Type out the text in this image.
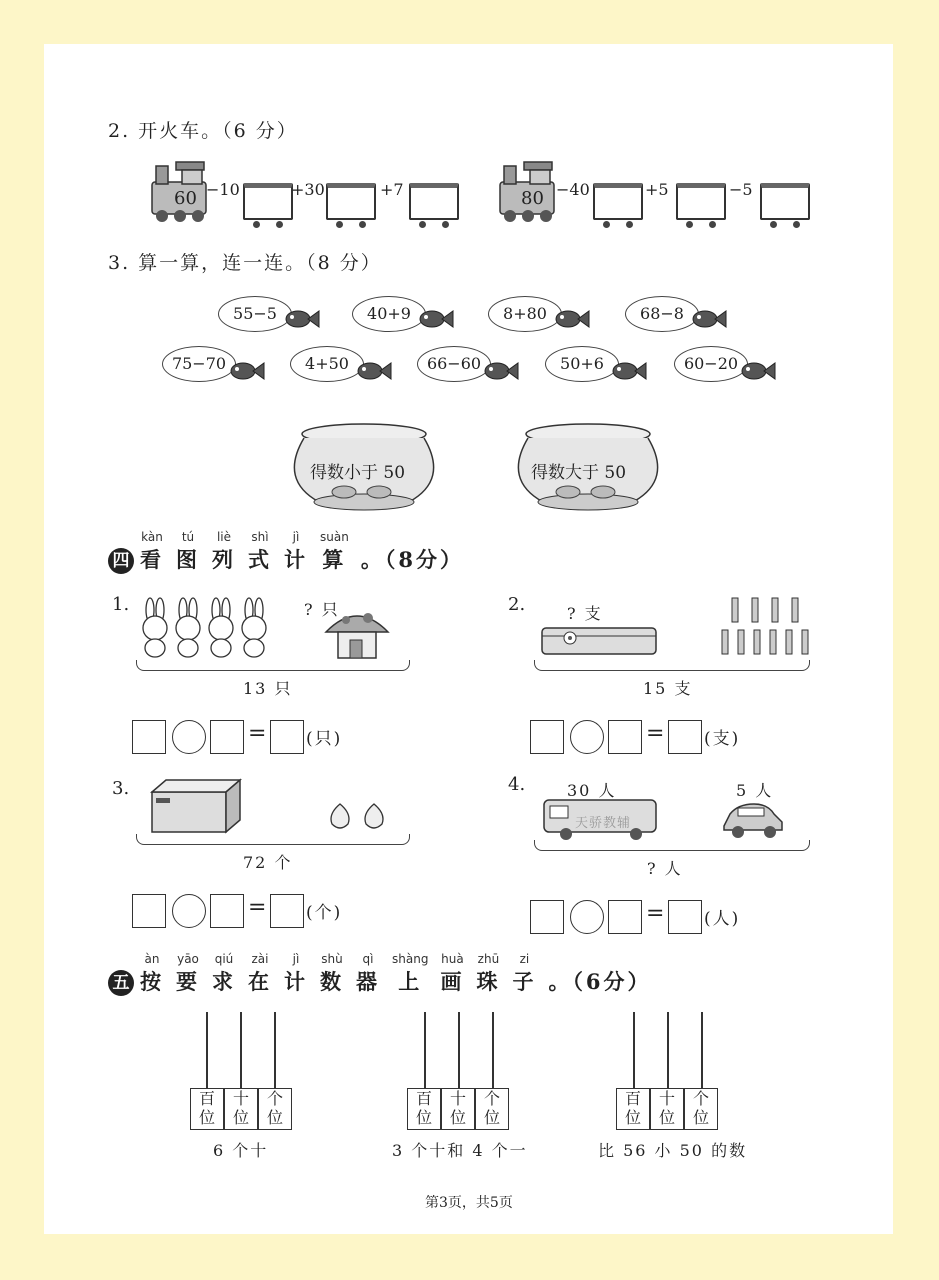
2. 开火车。（6 分）
60 −10	+30	+7	80 −40	+5	−5
3. 算一算，连一连。（8 分）
55−5	40+9	8+80	68−8
75−70	4+50	66−60	50+6	60−20
得数小于 50	得数大于 50
四
kàn
看
tú
图
liè
列
shì
式
jì
计
suàn
算 。（8分）
1.	? 只
13 只
= (只)
2.	? 支
15 支
= (支)
3.
72 个
= (个)
4.	30 人	5 人
天骄教辅
? 人
= (人)
五
àn
按
yāo
要
qiú
求
zài
在
jì
计
shù
数
qì
器
shàng
上
huà
画
zhū
珠
zi
子 。（6分）
百
位
十
位
个
位
6 个十
百
位
十
位
个
位
3 个十和 4 个一
百
位
十
位
个
位
比 56 小 50 的数
第3页，共5页
